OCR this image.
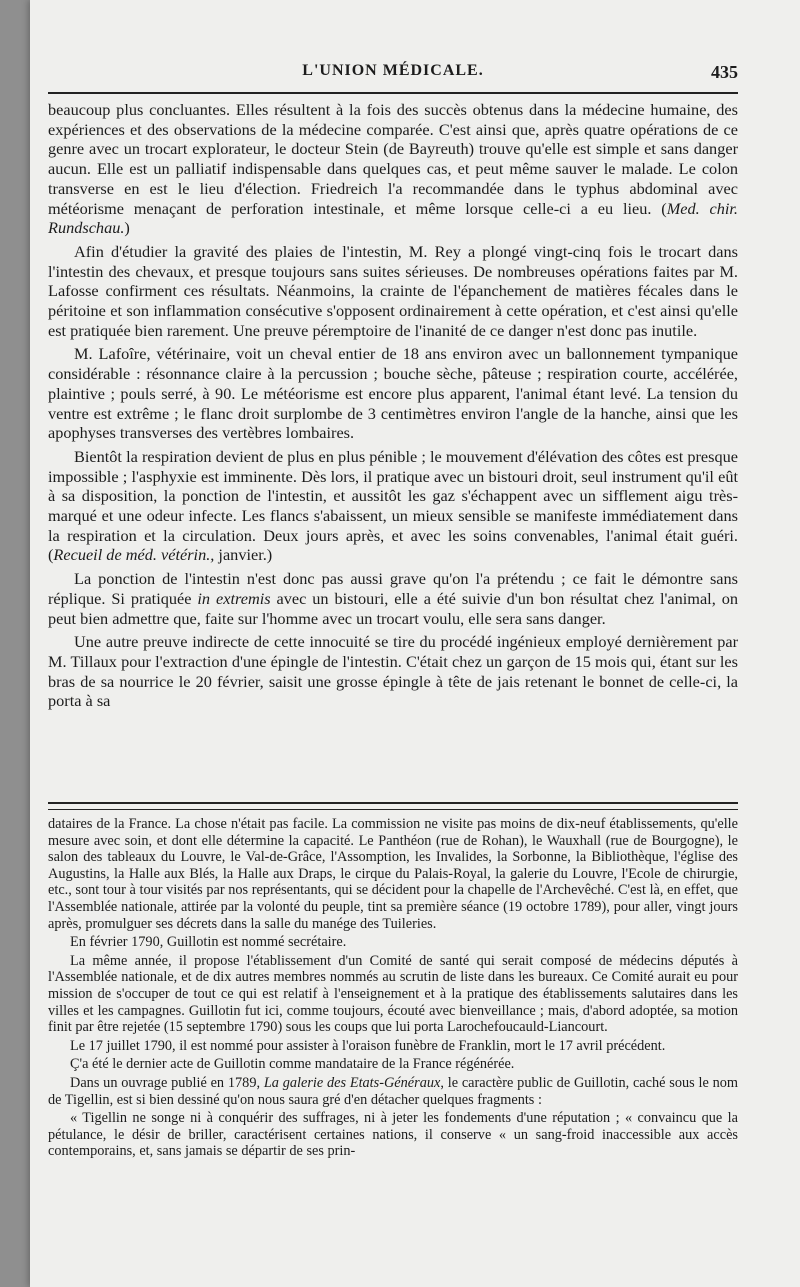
L'UNION MÉDICALE.	435

beaucoup plus concluantes. Elles résultent à la fois des succès obtenus dans la médecine humaine, des expériences et des observations de la médecine comparée. C'est ainsi que, après quatre opérations de ce genre avec un trocart explorateur, le docteur Stein (de Bayreuth) trouve qu'elle est simple et sans danger aucun. Elle est un palliatif indispensable dans quelques cas, et peut même sauver le malade. Le colon transverse en est le lieu d'élection. Friedreich l'a recommandée dans le typhus abdominal avec météorisme menaçant de perforation intestinale, et même lorsque celle-ci a eu lieu. (Med. chir. Rundschau.)

Afin d'étudier la gravité des plaies de l'intestin, M. Rey a plongé vingt-cinq fois le trocart dans l'intestin des chevaux, et presque toujours sans suites sérieuses. De nombreuses opérations faites par M. Lafosse confirment ces résultats. Néanmoins, la crainte de l'épanchement de matières fécales dans le péritoine et son inflammation consécutive s'opposent ordinairement à cette opération, et c'est ainsi qu'elle est pratiquée bien rarement. Une preuve péremptoire de l'inanité de ce danger n'est donc pas inutile.

M. Lafoîre, vétérinaire, voit un cheval entier de 18 ans environ avec un ballonnement tympanique considérable : résonnance claire à la percussion ; bouche sèche, pâteuse ; respiration courte, accélérée, plaintive ; pouls serré, à 90. Le météorisme est encore plus apparent, l'animal étant levé. La tension du ventre est extrême ; le flanc droit surplombe de 3 centimètres environ l'angle de la hanche, ainsi que les apophyses transverses des vertèbres lombaires.

Bientôt la respiration devient de plus en plus pénible ; le mouvement d'élévation des côtes est presque impossible ; l'asphyxie est imminente. Dès lors, il pratique avec un bistouri droit, seul instrument qu'il eût à sa disposition, la ponction de l'intestin, et aussitôt les gaz s'échappent avec un sifflement aigu très-marqué et une odeur infecte. Les flancs s'abaissent, un mieux sensible se manifeste immédiatement dans la respiration et la circulation. Deux jours après, et avec les soins convenables, l'animal était guéri. (Recueil de méd. vétérin., janvier.)

La ponction de l'intestin n'est donc pas aussi grave qu'on l'a prétendu ; ce fait le démontre sans réplique. Si pratiquée in extremis avec un bistouri, elle a été suivie d'un bon résultat chez l'animal, on peut bien admettre que, faite sur l'homme avec un trocart voulu, elle sera sans danger.

Une autre preuve indirecte de cette innocuité se tire du procédé ingénieux employé dernièrement par M. Tillaux pour l'extraction d'une épingle de l'intestin. C'était chez un garçon de 15 mois qui, étant sur les bras de sa nourrice le 20 février, saisit une grosse épingle à tête de jais retenant le bonnet de celle-ci, la porta à sa

dataires de la France. La chose n'était pas facile. La commission ne visite pas moins de dix-neuf établissements, qu'elle mesure avec soin, et dont elle détermine la capacité. Le Panthéon (rue de Rohan), le Wauxhall (rue de Bourgogne), le salon des tableaux du Louvre, le Val-de-Grâce, l'Assomption, les Invalides, la Sorbonne, la Bibliothèque, l'église des Augustins, la Halle aux Blés, la Halle aux Draps, le cirque du Palais-Royal, la galerie du Louvre, l'Ecole de chirurgie, etc., sont tour à tour visités par nos représentants, qui se décident pour la chapelle de l'Archevêché. C'est là, en effet, que l'Assemblée nationale, attirée par la volonté du peuple, tint sa première séance (19 octobre 1789), pour aller, vingt jours après, promulguer ses décrets dans la salle du manége des Tuileries.

En février 1790, Guillotin est nommé secrétaire.

La même année, il propose l'établissement d'un Comité de santé qui serait composé de médecins députés à l'Assemblée nationale, et de dix autres membres nommés au scrutin de liste dans les bureaux. Ce Comité aurait eu pour mission de s'occuper de tout ce qui est relatif à l'enseignement et à la pratique des établissements salutaires dans les villes et les campagnes. Guillotin fut ici, comme toujours, écouté avec bienveillance ; mais, d'abord adoptée, sa motion finit par être rejetée (15 septembre 1790) sous les coups que lui porta Larochefoucauld-Liancourt.

Le 17 juillet 1790, il est nommé pour assister à l'oraison funèbre de Franklin, mort le 17 avril précédent.

Ç'a été le dernier acte de Guillotin comme mandataire de la France régénérée.

Dans un ouvrage publié en 1789, La galerie des Etats-Généraux, le caractère public de Guillotin, caché sous le nom de Tigellin, est si bien dessiné qu'on nous saura gré d'en détacher quelques fragments :

« Tigellin ne songe ni à conquérir des suffrages, ni à jeter les fondements d'une réputation ; « convaincu que la pétulance, le désir de briller, caractérisent certaines nations, il conserve « un sang-froid inaccessible aux accès contemporains, et, sans jamais se départir de ses prin-
